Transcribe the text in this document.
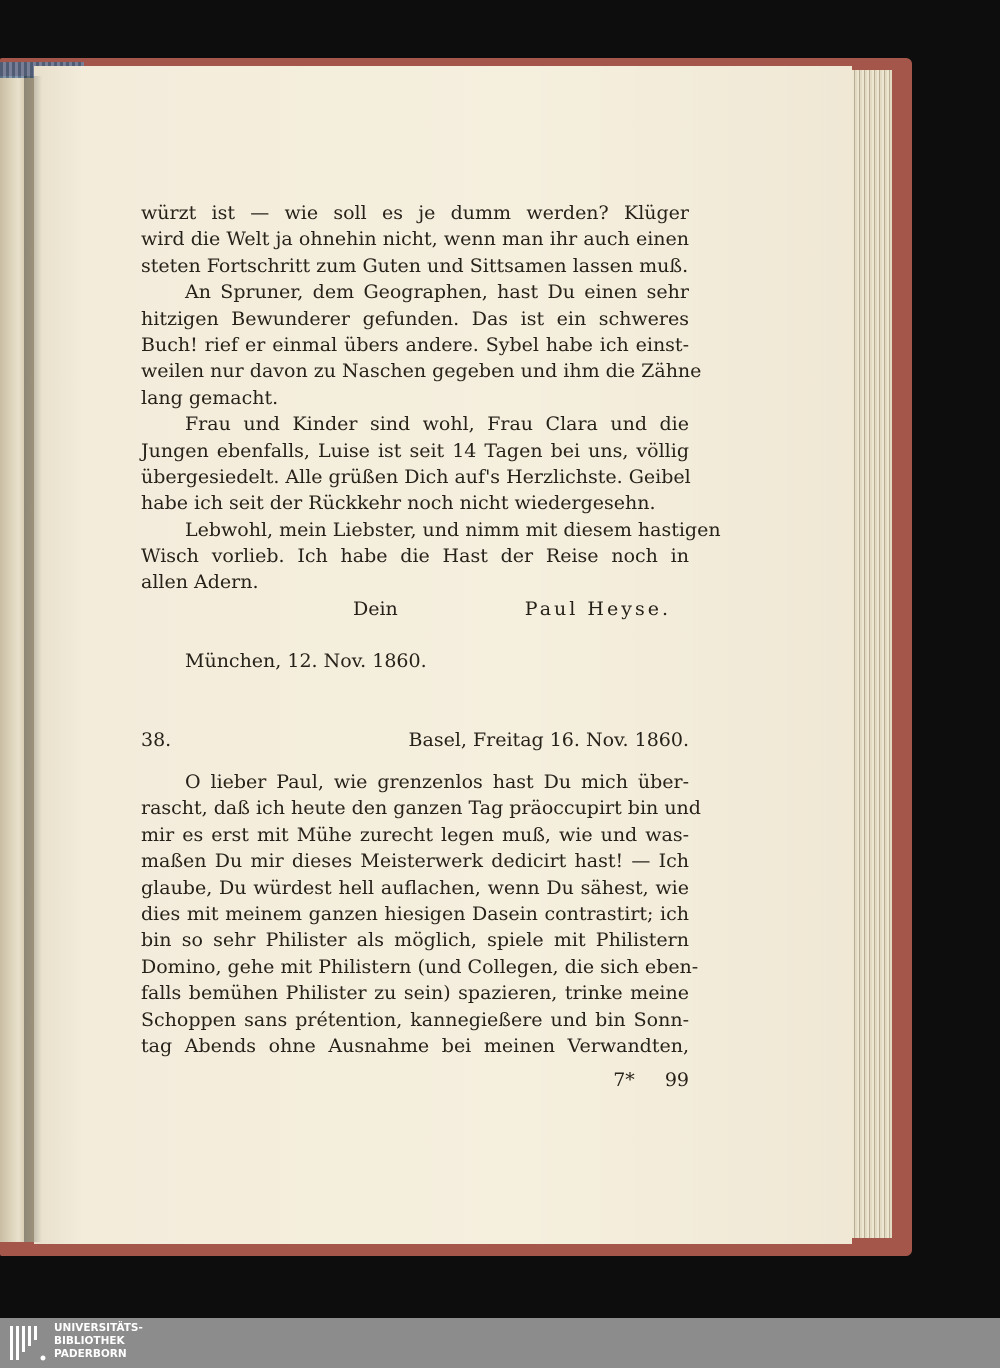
würzt ist — wie soll es je dumm werden? Klüger
wird die Welt ja ohnehin nicht, wenn man ihr auch einen
steten Fortschritt zum Guten und Sittsamen lassen muß.
An Spruner, dem Geographen, hast Du einen sehr
hitzigen Bewunderer gefunden. Das ist ein schweres
Buch! rief er einmal übers andere. Sybel habe ich einst-
weilen nur davon zu Naschen gegeben und ihm die Zähne
lang gemacht.
Frau und Kinder sind wohl, Frau Clara und die
Jungen ebenfalls, Luise ist seit 14 Tagen bei uns, völlig
übergesiedelt. Alle grüßen Dich auf's Herzlichste. Geibel
habe ich seit der Rückkehr noch nicht wiedergesehn.
Lebwohl, mein Liebster, und nimm mit diesem hastigen
Wisch vorlieb. Ich habe die Hast der Reise noch in
allen Adern.
Dein	Paul Heyse.
München, 12. Nov. 1860.
38.	Basel, Freitag 16. Nov. 1860.
O lieber Paul, wie grenzenlos hast Du mich über-
rascht, daß ich heute den ganzen Tag präoccupirt bin und
mir es erst mit Mühe zurecht legen muß, wie und was-
maßen Du mir dieses Meisterwerk dedicirt hast! — Ich
glaube, Du würdest hell auflachen, wenn Du sähest, wie
dies mit meinem ganzen hiesigen Dasein contrastirt; ich
bin so sehr Philister als möglich, spiele mit Philistern
Domino, gehe mit Philistern (und Collegen, die sich eben-
falls bemühen Philister zu sein) spazieren, trinke meine
Schoppen sans prétention, kannegießere und bin Sonn-
tag Abends ohne Ausnahme bei meinen Verwandten,
7* 99
UNIVERSITÄTS-
BIBLIOTHEK
PADERBORN
